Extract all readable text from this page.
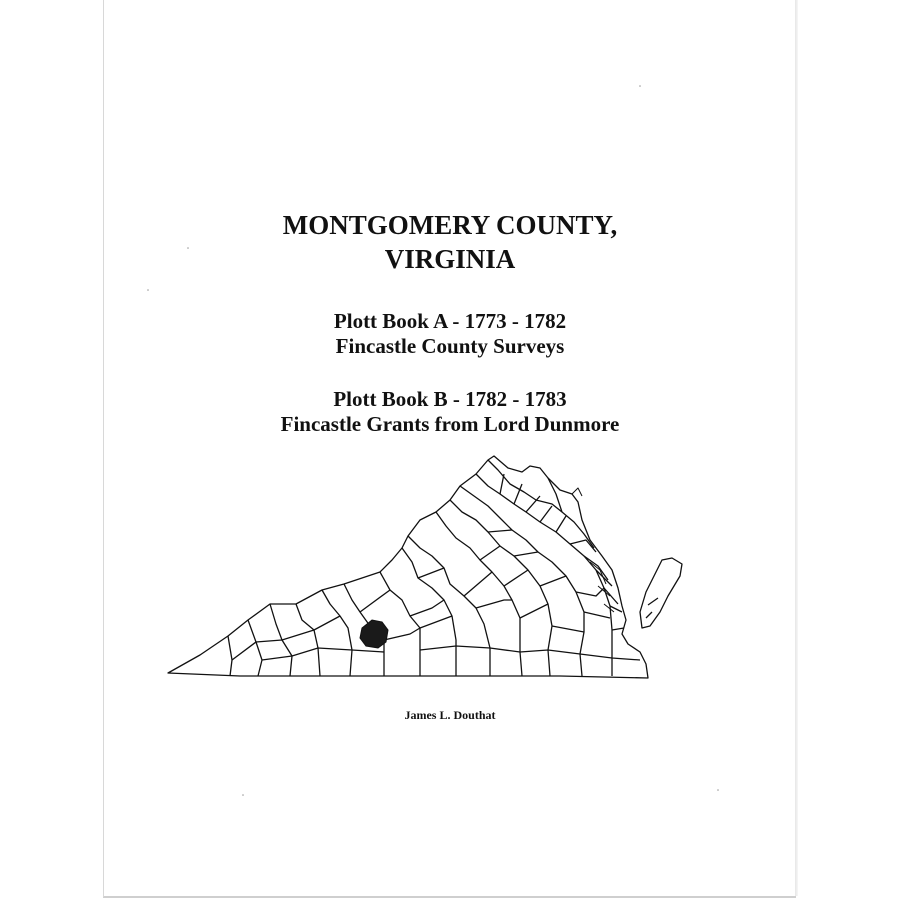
MONTGOMERY COUNTY,
VIRGINIA
Plott Book A - 1773 - 1782
Fincastle County Surveys
Plott Book B - 1782 - 1783
Fincastle Grants from Lord Dunmore
James L. Douthat
